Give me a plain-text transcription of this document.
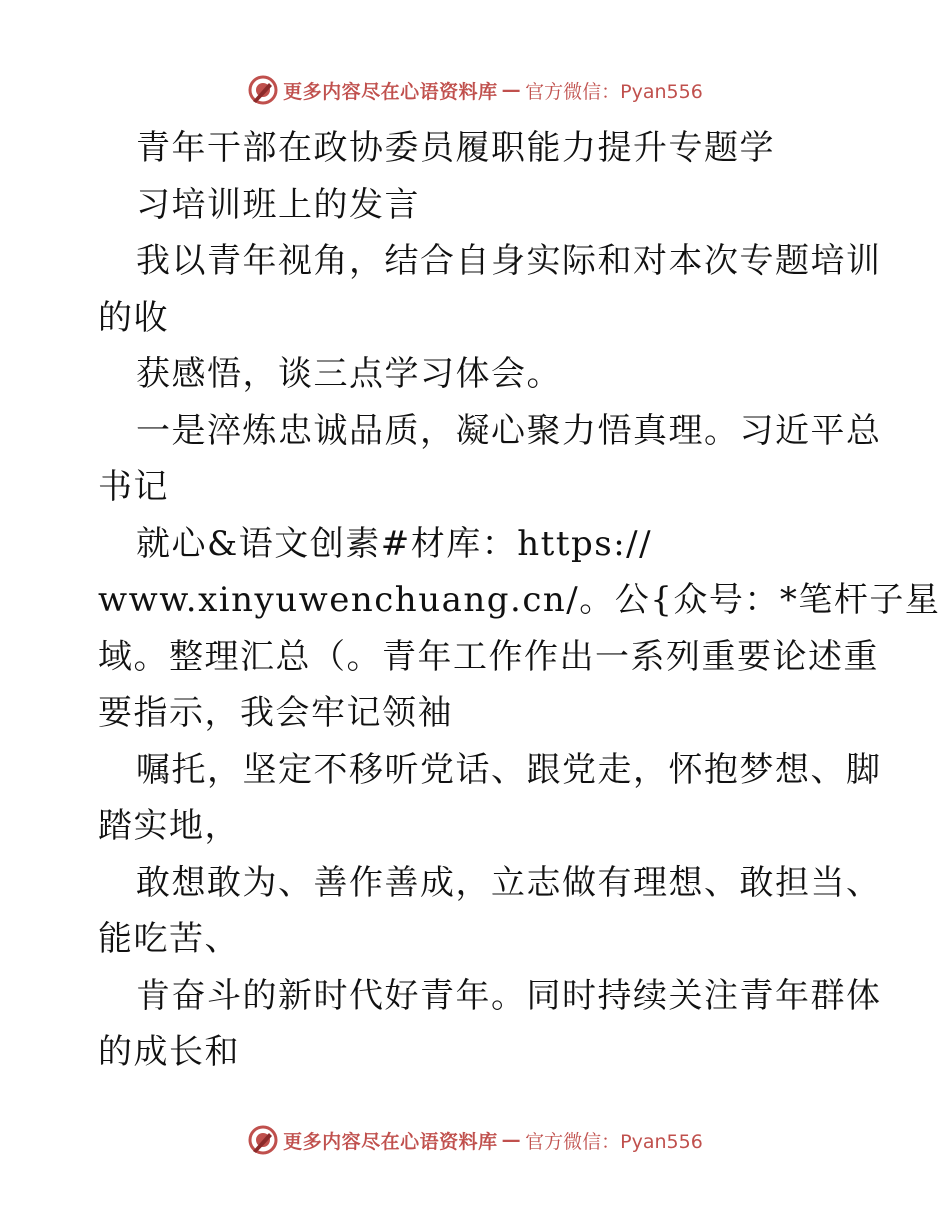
更多内容尽在心语资料库 — 官方微信：Pyan556
青年干部在政协委员履职能力提升专题学
习培训班上的发言
我以青年视角，结合自身实际和对本次专题培训
的收
获感悟，谈三点学习体会。
一是淬炼忠诚品质，凝心聚力悟真理。习近平总
书记
就心&语文创素#材库：https://
www.xinyuwenchuang.cn/。公{众号：*笔杆子星
域。整理汇总（。青年工作作出一系列重要论述重
要指示，我会牢记领袖
嘱托，坚定不移听党话、跟党走，怀抱梦想、脚
踏实地，
敢想敢为、善作善成，立志做有理想、敢担当、
能吃苦、
肯奋斗的新时代好青年。同时持续关注青年群体
的成长和
更多内容尽在心语资料库 — 官方微信：Pyan556
